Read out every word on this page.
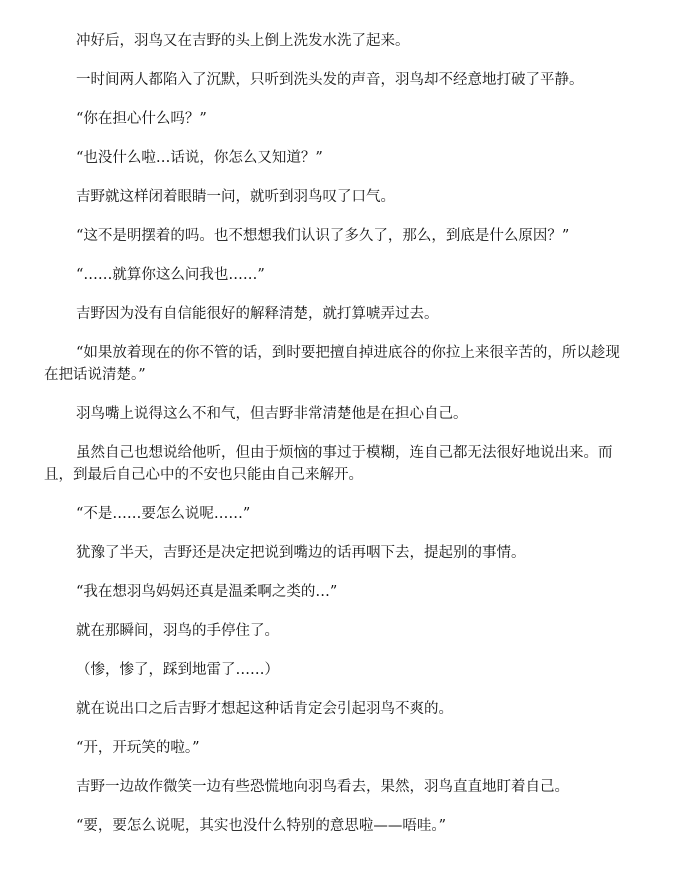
冲好后，羽鸟又在吉野的头上倒上洗发水洗了起来。

一时间两人都陷入了沉默，只听到洗头发的声音，羽鸟却不经意地打破了平静。

“你在担心什么吗？”

“也没什么啦…话说，你怎么又知道？”

吉野就这样闭着眼睛一问，就听到羽鸟叹了口气。

“这不是明摆着的吗。也不想想我们认识了多久了，那么，到底是什么原因？”

“……就算你这么问我也……”

吉野因为没有自信能很好的解释清楚，就打算唬弄过去。

“如果放着现在的你不管的话，到时要把擅自掉进底谷的你拉上来很辛苦的，所以趁现在把话说清楚。”

羽鸟嘴上说得这么不和气，但吉野非常清楚他是在担心自己。

虽然自己也想说给他听，但由于烦恼的事过于模糊，连自己都无法很好地说出来。而且，到最后自己心中的不安也只能由自己来解开。

“不是……要怎么说呢……”

犹豫了半天，吉野还是决定把说到嘴边的话再咽下去，提起别的事情。

“我在想羽鸟妈妈还真是温柔啊之类的…”

就在那瞬间，羽鸟的手停住了。

（惨，惨了，踩到地雷了……）

就在说出口之后吉野才想起这种话肯定会引起羽鸟不爽的。

“开，开玩笑的啦。”

吉野一边故作微笑一边有些恐慌地向羽鸟看去，果然，羽鸟直直地盯着自己。

“要，要怎么说呢，其实也没什么特别的意思啦——唔哇。”
